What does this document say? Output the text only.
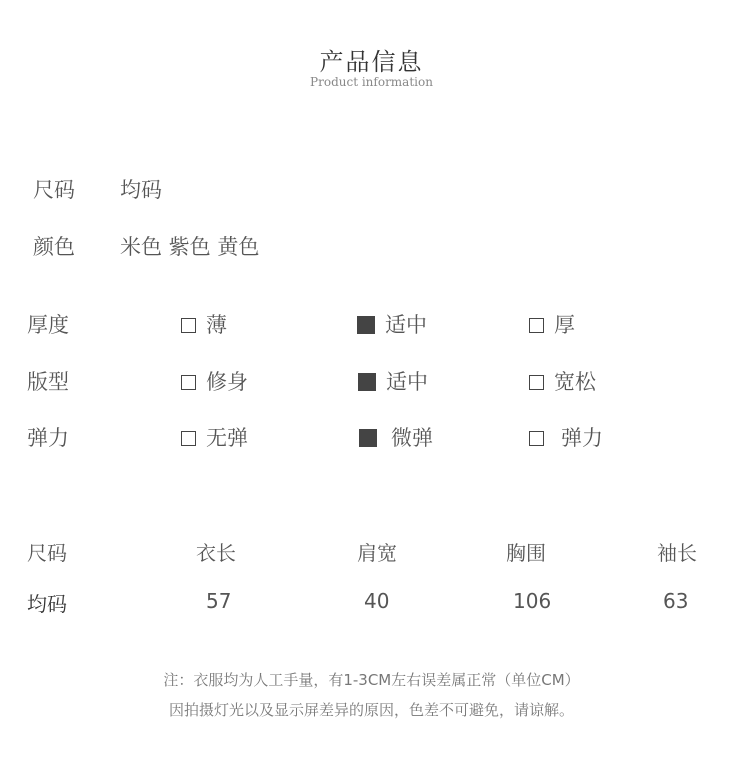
产品信息
Product information
尺码 均码
颜色 米色 紫色 黄色
厚度	薄	适中	厚
版型	修身	适中	宽松
弹力	无弹	微弹	弹力
尺码	衣长	肩宽	胸围	袖长
均码	57	40	106	63
注：衣服均为人工手量，有1-3CM左右误差属正常（单位CM）
因拍摄灯光以及显示屏差异的原因，色差不可避免，请谅解。
